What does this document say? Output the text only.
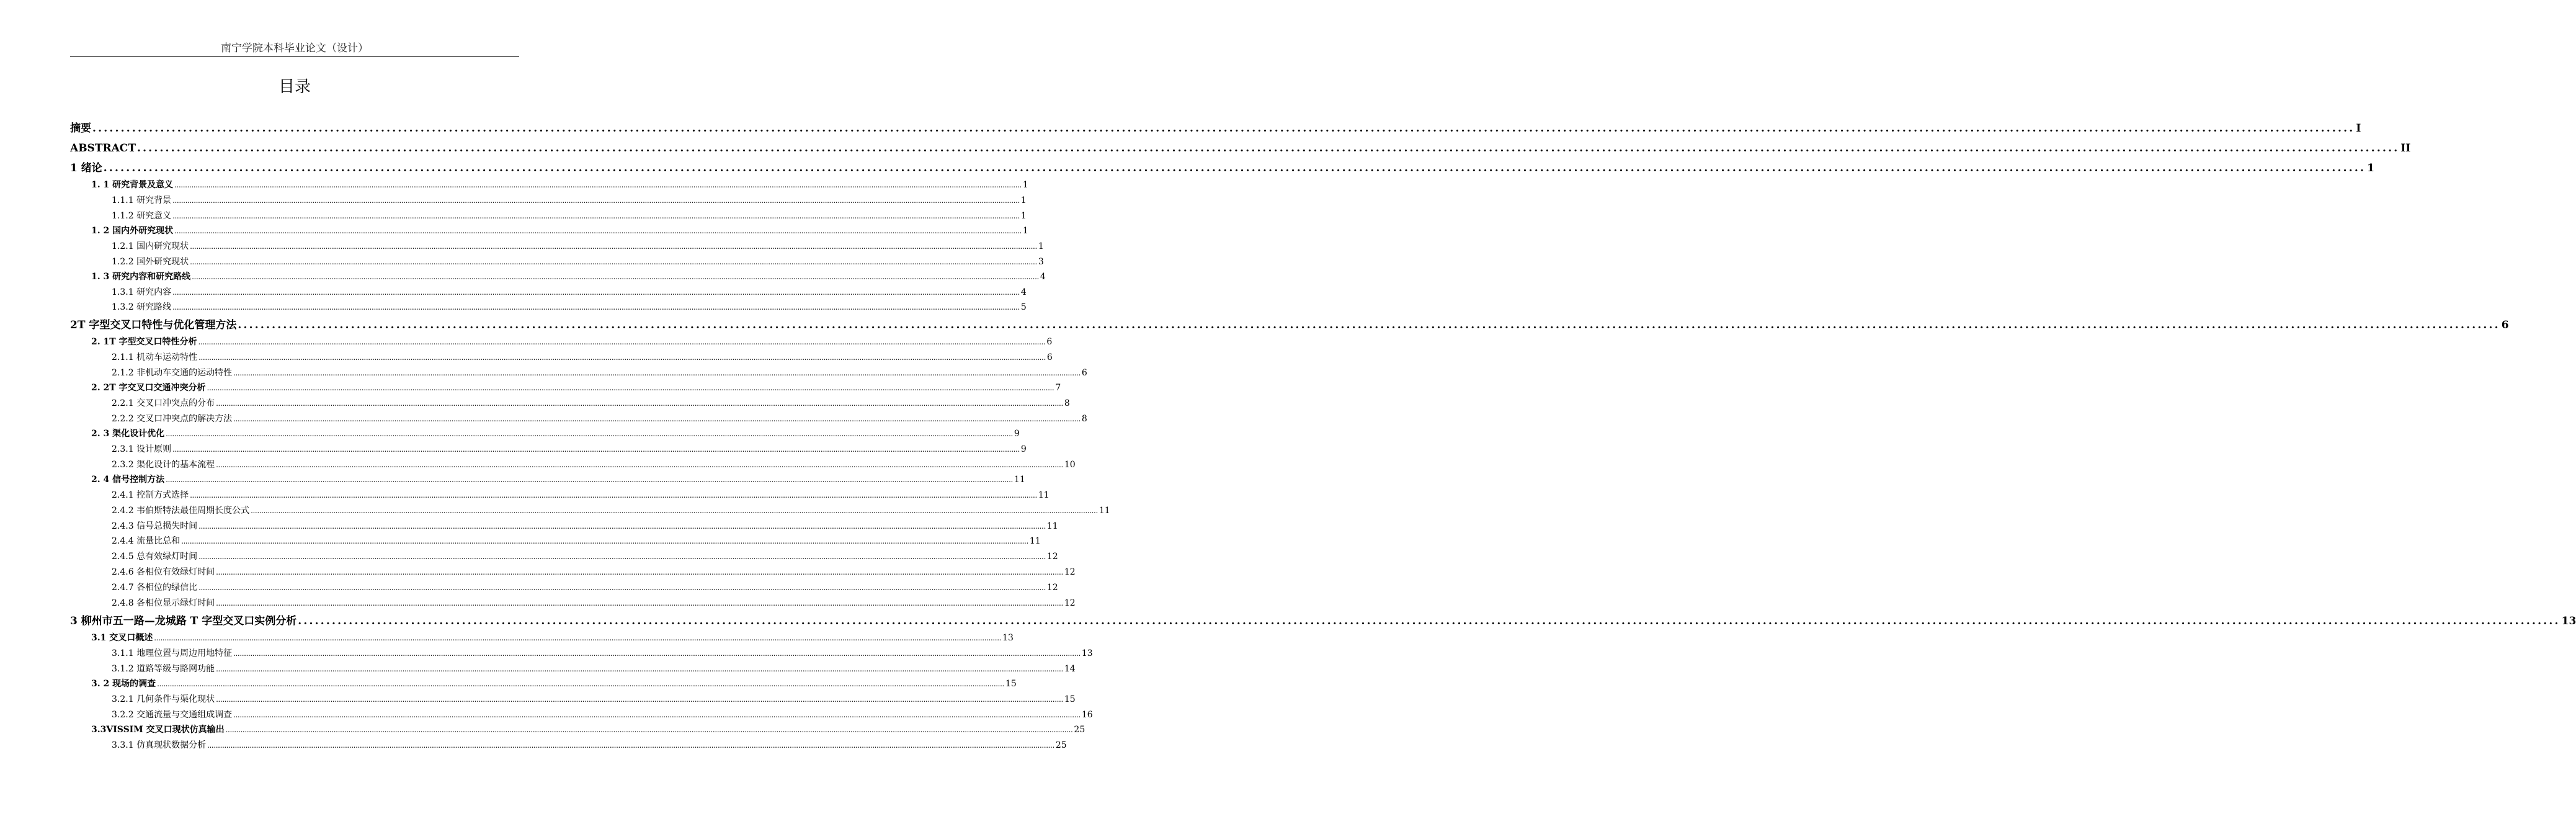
南宁学院本科毕业论文（设计）
目录
摘要 ................................................................................................................................................................................................................................................................................................................................................................................................................ I
ABSTRACT ................................................................................................................................................................................................................................................................................................................................................................................................................ II
1 绪论 ................................................................................................................................................................................................................................................................................................................................................................................................................ 1
1. 1 研究背景及意义 ................................................................................................................................................................................................................................................................................................................................................................................................................ 1
1.1.1 研究背景 ................................................................................................................................................................................................................................................................................................................................................................................................................ 1
1.1.2 研究意义 ................................................................................................................................................................................................................................................................................................................................................................................................................ 1
1. 2 国内外研究现状 ................................................................................................................................................................................................................................................................................................................................................................................................................ 1
1.2.1 国内研究现状 ................................................................................................................................................................................................................................................................................................................................................................................................................ 1
1.2.2 国外研究现状 ................................................................................................................................................................................................................................................................................................................................................................................................................ 3
1. 3 研究内容和研究路线 ................................................................................................................................................................................................................................................................................................................................................................................................................ 4
1.3.1 研究内容 ................................................................................................................................................................................................................................................................................................................................................................................................................ 4
1.3.2 研究路线 ................................................................................................................................................................................................................................................................................................................................................................................................................ 5
2T 字型交叉口特性与优化管理方法 ................................................................................................................................................................................................................................................................................................................................................................................................................ 6
2. 1T 字型交叉口特性分析 ................................................................................................................................................................................................................................................................................................................................................................................................................ 6
2.1.1 机动车运动特性 ................................................................................................................................................................................................................................................................................................................................................................................................................ 6
2.1.2 非机动车交通的运动特性 ................................................................................................................................................................................................................................................................................................................................................................................................................ 6
2. 2T 字交叉口交通冲突分析 ................................................................................................................................................................................................................................................................................................................................................................................................................ 7
2.2.1 交叉口冲突点的分布 ................................................................................................................................................................................................................................................................................................................................................................................................................ 8
2.2.2 交叉口冲突点的解决方法 ................................................................................................................................................................................................................................................................................................................................................................................................................ 8
2. 3 渠化设计优化 ................................................................................................................................................................................................................................................................................................................................................................................................................ 9
2.3.1 设计原则 ................................................................................................................................................................................................................................................................................................................................................................................................................ 9
2.3.2 渠化设计的基本流程 ................................................................................................................................................................................................................................................................................................................................................................................................................ 10
2. 4 信号控制方法 ................................................................................................................................................................................................................................................................................................................................................................................................................ 11
2.4.1 控制方式选择 ................................................................................................................................................................................................................................................................................................................................................................................................................ 11
2.4.2 韦伯斯特法最佳周期长度公式 ................................................................................................................................................................................................................................................................................................................................................................................................................ 11
2.4.3 信号总损失时间 ................................................................................................................................................................................................................................................................................................................................................................................................................ 11
2.4.4 流量比总和 ................................................................................................................................................................................................................................................................................................................................................................................................................ 11
2.4.5 总有效绿灯时间 ................................................................................................................................................................................................................................................................................................................................................................................................................ 12
2.4.6 各相位有效绿灯时间 ................................................................................................................................................................................................................................................................................................................................................................................................................ 12
2.4.7 各相位的绿信比 ................................................................................................................................................................................................................................................................................................................................................................................................................ 12
2.4.8 各相位显示绿灯时间 ................................................................................................................................................................................................................................................................................................................................................................................................................ 12
3 柳州市五一路—龙城路 T 字型交叉口实例分析 ................................................................................................................................................................................................................................................................................................................................................................................................................ 13
3.1 交叉口概述 ................................................................................................................................................................................................................................................................................................................................................................................................................ 13
3.1.1 地理位置与周边用地特征 ................................................................................................................................................................................................................................................................................................................................................................................................................ 13
3.1.2 道路等级与路网功能 ................................................................................................................................................................................................................................................................................................................................................................................................................ 14
3. 2 现场的调查 ................................................................................................................................................................................................................................................................................................................................................................................................................ 15
3.2.1 几何条件与渠化现状 ................................................................................................................................................................................................................................................................................................................................................................................................................ 15
3.2.2 交通流量与交通组成调查 ................................................................................................................................................................................................................................................................................................................................................................................................................ 16
3.3VISSIM 交叉口现状仿真输出 ................................................................................................................................................................................................................................................................................................................................................................................................................ 25
3.3.1 仿真现状数据分析 ................................................................................................................................................................................................................................................................................................................................................................................................................ 25
